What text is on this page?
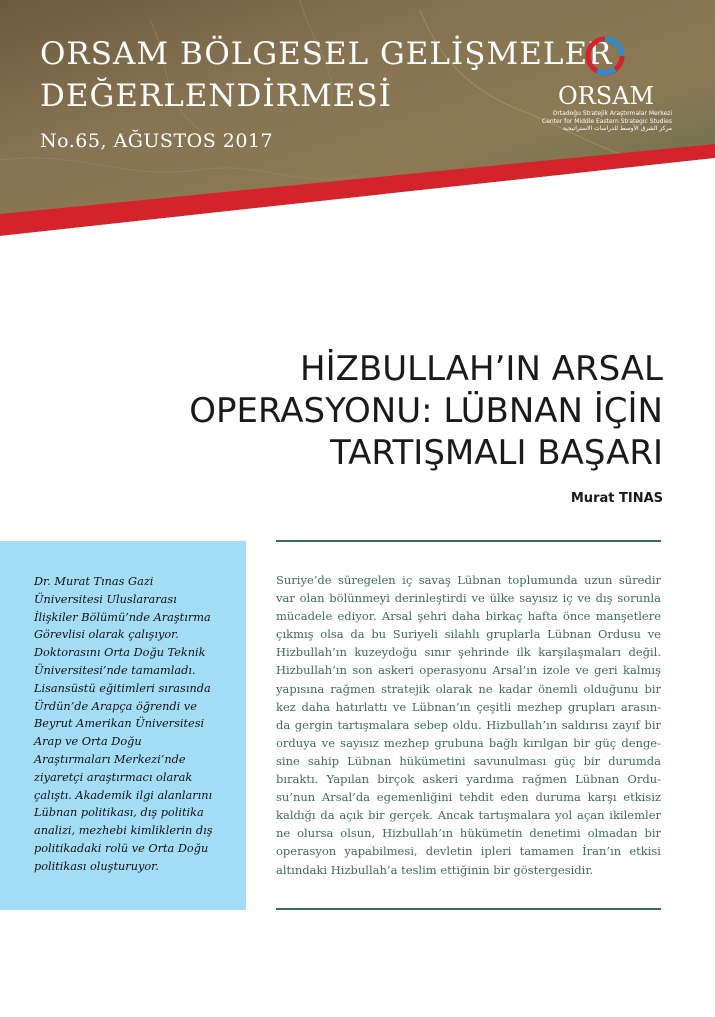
ORSAM BÖLGESEL GELİŞMELER
DEĞERLENDİRMESİ
No.65, AĞUSTOS 2017
ORSAM
Ortadoğu Stratejik Araştırmalar Merkezi
Center for Middle Eastern Strategic Studies
مركز الشرق الأوسط للدراسات الاستراتيجية
HİZBULLAH’IN ARSAL
OPERASYONU: LÜBNAN İÇİN
TARTIŞMALI BAŞARI
Murat TINAS
Dr. Murat Tınas Gazi
Üniversitesi Uluslararası
İlişkiler Bölümü’nde Araştırma
Görevlisi olarak çalışıyor.
Doktorasını Orta Doğu Teknik
Üniversitesi’nde tamamladı.
Lisansüstü eğitimleri sırasında
Ürdün’de Arapça öğrendi ve
Beyrut Amerikan Üniversitesi
Arap ve Orta Doğu
Araştırmaları Merkezi’nde
ziyaretçi araştırmacı olarak
çalıştı. Akademik ilgi alanlarını
Lübnan politikası, dış politika
analizi, mezhebi kimliklerin dış
politikadaki rolü ve Orta Doğu
politikası oluşturuyor.
Suriye’de süregelen iç savaş Lübnan toplumunda uzun süredir
var olan bölünmeyi derinleştirdi ve ülke sayısız iç ve dış sorunla
mücadele ediyor. Arsal şehri daha birkaç hafta önce manşetlere
çıkmış olsa da bu Suriyeli silahlı gruplarla Lübnan Ordusu ve
Hizbullah’ın kuzeydoğu sınır şehrinde ilk karşılaşmaları değil.
Hizbullah’ın son askeri operasyonu Arsal’ın izole ve geri kalmış
yapısına rağmen stratejik olarak ne kadar önemli olduğunu bir
kez daha hatırlattı ve Lübnan’ın çeşitli mezhep grupları arasın-
da gergin tartışmalara sebep oldu. Hizbullah’ın saldırısı zayıf bir
orduya ve sayısız mezhep grubuna bağlı kırılgan bir güç denge-
sine sahip Lübnan hükümetini savunulması güç bir durumda
bıraktı. Yapılan birçok askeri yardıma rağmen Lübnan Ordu-
su’nun Arsal’da egemenliğini tehdit eden duruma karşı etkisiz
kaldığı da açık bir gerçek. Ancak tartışmalara yol açan ikilemler
ne olursa olsun, Hizbullah’ın hükümetin denetimi olmadan bir
operasyon yapabilmesi, devletin ipleri tamamen İran’ın etkisi
altındaki Hizbullah’a teslim ettiğinin bir göstergesidir.
